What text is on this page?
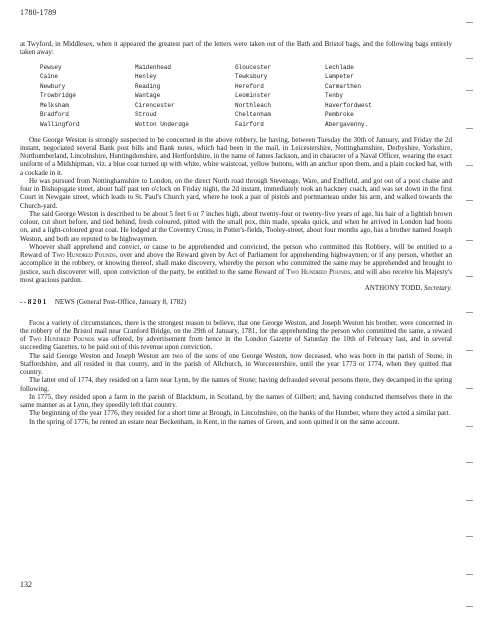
1780-1789

at Twyford, in Middlesex, when it appeared the greatest part of the letters were taken out of the Bath and Bristol bags, and the following bags entirely taken away:

Pewsey	Maidenhead	Gloucester	Lechlade
Caine	Henley	Tewksbury	Lampeter
Newbury	Reading	Hereford	Carmarthen
Trowbridge	Wantage	Leominster	Tenby
Melksham	Cirencester	Northleach	Haverfordwest
Bradford	Stroud	Cheltenham	Pembroke
Wallingford	Wotton Underdge	Fairford	Abergavenny.

One George Weston is strongly suspected to be concerned in the above robbery, he having, between Tuesday the 30th of January, and Friday the 2d instant, negociated several Bank post bills and Bank notes, which had been in the mail, in Leicestershire, Nottinghamshire, Derbyshire, Yorkshire, Northumberland, Lincolnshire, Huntingdonshire, and Hertfordshire, in the name of James Jackson, and in character of a Naval Officer, wearing the exact uniform of a Midshipman, viz. a blue coat turned up with white, white waistcoat, yellow buttons, with an anchor upon them, and a plain cocked hat, with a cockade in it.

He was pursued from Nottinghamshire to London, on the direct North road through Stevenage, Ware, and Endfield, and got out of a post chaise and four in Bishopsgate street, about half past ten o'clock on Friday night, the 2d instant, immediately took an hackney coach, and was set down in the first Court in Newgate street, which leads to St. Paul's Church yard, where he took a pair of pistols and portmanteau under his arm, and walked towards the Church-yard.

The said George Weston is described to be about 5 feet 6 or 7 inches high, about twenty-four or twenty-five years of age, his hair of a lightish brown colour, cut short before, and tied behind, fresh coloured, pitted with the small pox, thin made, speaks quick, and when he arrived in London had boots on, and a light-coloured great coat. He lodged at the Coventry Cross, in Potter's-fields, Tooley-street, about four months ago, has a brother named Joseph Weston, and both are reputed to be highwaymen.

Whoever shall apprehend and convict, or cause to be apprehended and convicted, the person who committed this Robbery, will be entitled to a Reward of Two Hundred Pounds, over and above the Reward given by Act of Parliament for apprehending highwaymen; or if any person, whether an accomplice in the robbery, or knowing thereof, shall make discovery, whereby the person who committed the same may be apprehended and brought to justice, such discoverer will, upon conviction of the party, be entitled to the same Reward of Two Hundred Pounds, and will also receive his Majesty's most gracious pardon.

ANTHONY TODD, Secretary.

--8201 NEWS (General Post-Office, January 8, 1782)

From a variety of circumstances, there is the strongest reason to believe, that one George Weston, and Joseph Weston his brother, were concerned in the robbery of the Bristol mail near Cranford Bridge, on the 29th of January, 1781, for the apprehending the person who committed the same, a reward of Two Hundred Pounds was offered, by advertisement from hence in the London Gazette of Saturday the 10th of February last, and in several succeeding Gazettes, to be paid out of this revenue upon conviction.

The said George Weston and Joseph Weston are two of the sons of one George Weston, now deceased, who was born in the parish of Stone, in Staffordshire, and all resided in that county, and in the parish of Allchurch, in Worcestershire, until the year 1773 or 1774, when they quitted that country.

The latter end of 1774, they resided on a farm near Lynn, by the names of Stone; having defrauded several persons there, they decamped in the spring following.

In 1775, they resided upon a farm in the parish of Blackburn, in Scotland, by the names of Gilbert; and, having conducted themselves there in the same manner as at Lynn, they speedily left that country.

The beginning of the year 1776, they resided for a short time at Brough, in Lincolnshire, on the banks of the Humber, where they acted a similar part.

In the spring of 1776, he rented an estate near Beckenham, in Kent, in the names of Green, and soon quitted it on the same account.

132
